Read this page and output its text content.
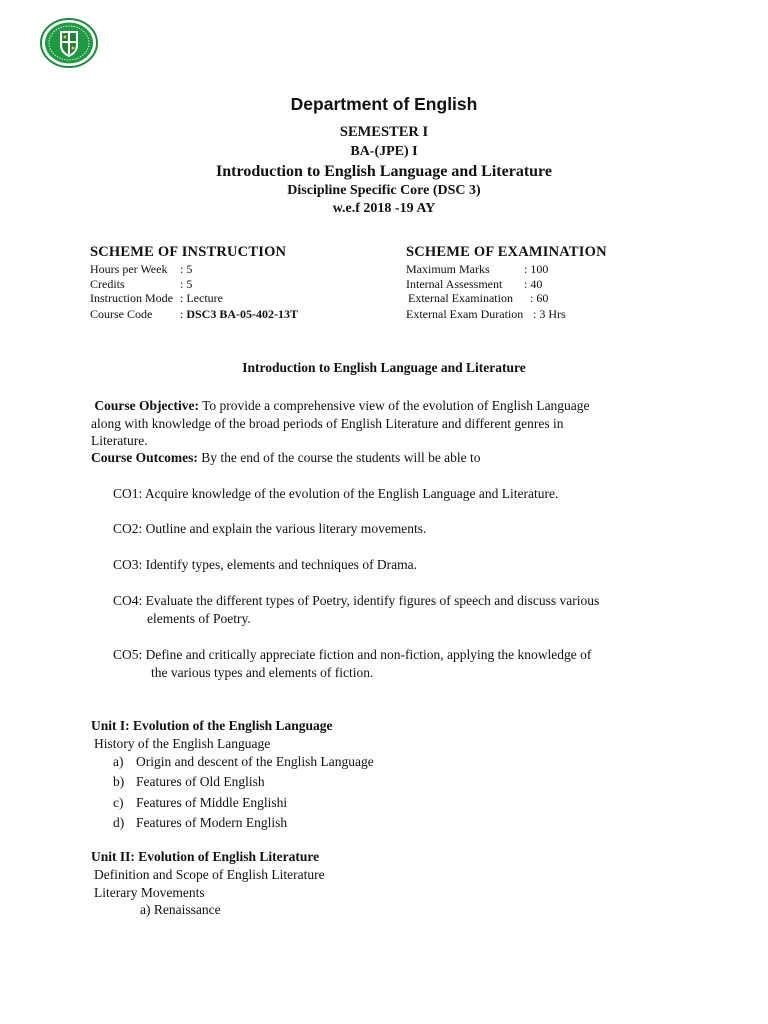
Department of English
SEMESTER I
BA-(JPE) I
Introduction to English Language and Literature
Discipline Specific Core (DSC 3)
w.e.f 2018 -19 AY
SCHEME OF INSTRUCTION	SCHEME OF EXAMINATION
Hours per Week : 5
Credits	: 5
Instruction Mode : Lecture
Course Code : DSC3 BA-05-402-13T
Maximum Marks	: 100
Internal Assessment : 40
External Examination : 60
External Exam Duration : 3 Hrs
Introduction to English Language and Literature
Course Objective: To provide a comprehensive view of the evolution of English Language
along with knowledge of the broad periods of English Literature and different genres in
Literature.
Course Outcomes: By the end of the course the students will be able to
CO1: Acquire knowledge of the evolution of the English Language and Literature.
CO2: Outline and explain the various literary movements.
CO3: Identify types, elements and techniques of Drama.
CO4: Evaluate the different types of Poetry, identify figures of speech and discuss various
elements of Poetry.
CO5: Define and critically appreciate fiction and non-fiction, applying the knowledge of
the various types and elements of fiction.
Unit I: Evolution of the English Language
History of the English Language
a) Origin and descent of the English Language
b) Features of Old English
c) Features of Middle Englishi
d) Features of Modern English
Unit II: Evolution of English Literature
Definition and Scope of English Literature
Literary Movements
a) Renaissance
